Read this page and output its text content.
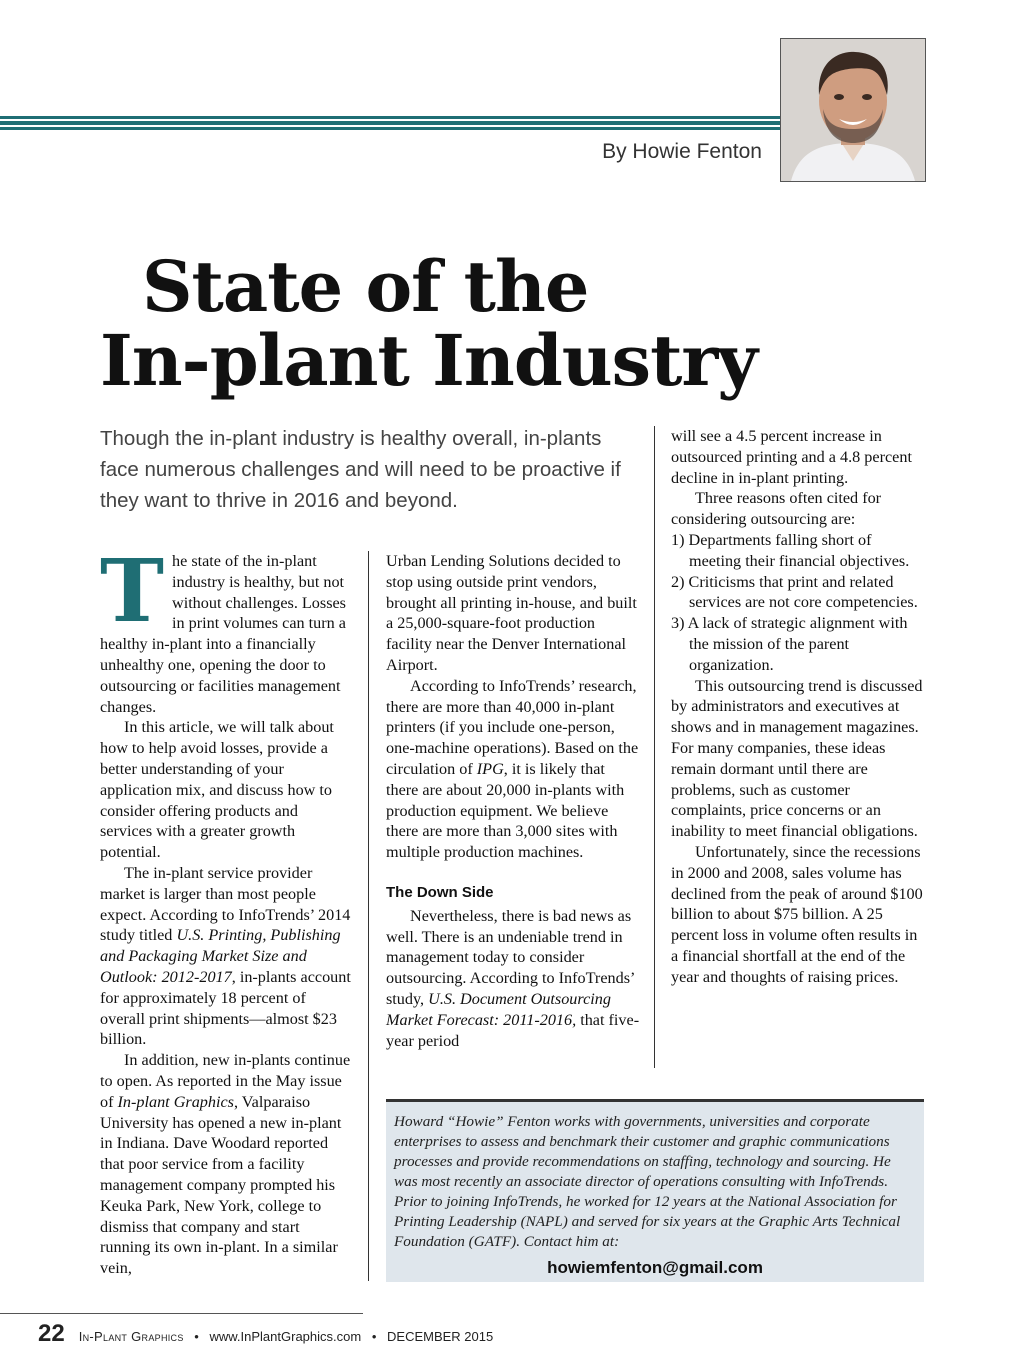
By Howie Fenton
State of the
In-plant Industry
Though the in-plant industry is healthy overall, in-plants face numerous challenges and will need to be proactive if they want to thrive in 2016 and beyond.

The state of the in-plant industry is healthy, but not without challenges. Losses in print volumes can turn a healthy in-plant into a financially unhealthy one, opening the door to outsourcing or facilities management changes.

In this article, we will talk about how to help avoid losses, provide a better understanding of your application mix, and discuss how to consider offering products and services with a greater growth potential.

The in-plant service provider market is larger than most people expect. According to InfoTrends’ 2014 study titled U.S. Printing, Publishing and Packaging Market Size and Outlook: 2012-2017, in-plants account for approximately 18 percent of overall print shipments—almost $23 billion.

In addition, new in-plants continue to open. As reported in the May issue of In-plant Graphics, Valparaiso University has opened a new in-plant in Indiana. Dave Woodard reported that poor service from a facility management company prompted his Keuka Park, New York, college to dismiss that company and start running its own in-plant. In a similar vein,

Urban Lending Solutions decided to stop using outside print vendors, brought all printing in-house, and built a 25,000-square-foot production facility near the Denver International Airport.

According to InfoTrends’ research, there are more than 40,000 in-plant printers (if you include one-person, one-machine operations). Based on the circulation of IPG, it is likely that there are about 20,000 in-plants with production equipment. We believe there are more than 3,000 sites with multiple production machines.

The Down Side

Nevertheless, there is bad news as well. There is an undeniable trend in management today to consider outsourcing. According to InfoTrends’ study, U.S. Document Outsourcing Market Forecast: 2011-2016, that five-year period

will see a 4.5 percent increase in outsourced printing and a 4.8 percent decline in in-plant printing.

Three reasons often cited for considering outsourcing are:

1) Departments falling short of meeting their financial objectives.

2) Criticisms that print and related services are not core competencies.

3) A lack of strategic alignment with the mission of the parent organization.

This outsourcing trend is discussed by administrators and executives at shows and in management magazines. For many companies, these ideas remain dormant until there are problems, such as customer complaints, price concerns or an inability to meet financial obligations.

Unfortunately, since the recessions in 2000 and 2008, sales volume has declined from the peak of around $100 billion to about $75 billion. A 25 percent loss in volume often results in a financial shortfall at the end of the year and thoughts of raising prices.

Howard “Howie” Fenton works with governments, universities and corporate enterprises to assess and benchmark their customer and graphic communications processes and provide recommendations on staffing, technology and sourcing. He was most recently an associate director of operations consulting with InfoTrends. Prior to joining InfoTrends, he worked for 12 years at the National Association for Printing Leadership (NAPL) and served for six years at the Graphic Arts Technical Foundation (GATF). Contact him at:
howiemfenton@gmail.com
22 In-Plant Graphics • www.InPlantGraphics.com • DECEMBER 2015
